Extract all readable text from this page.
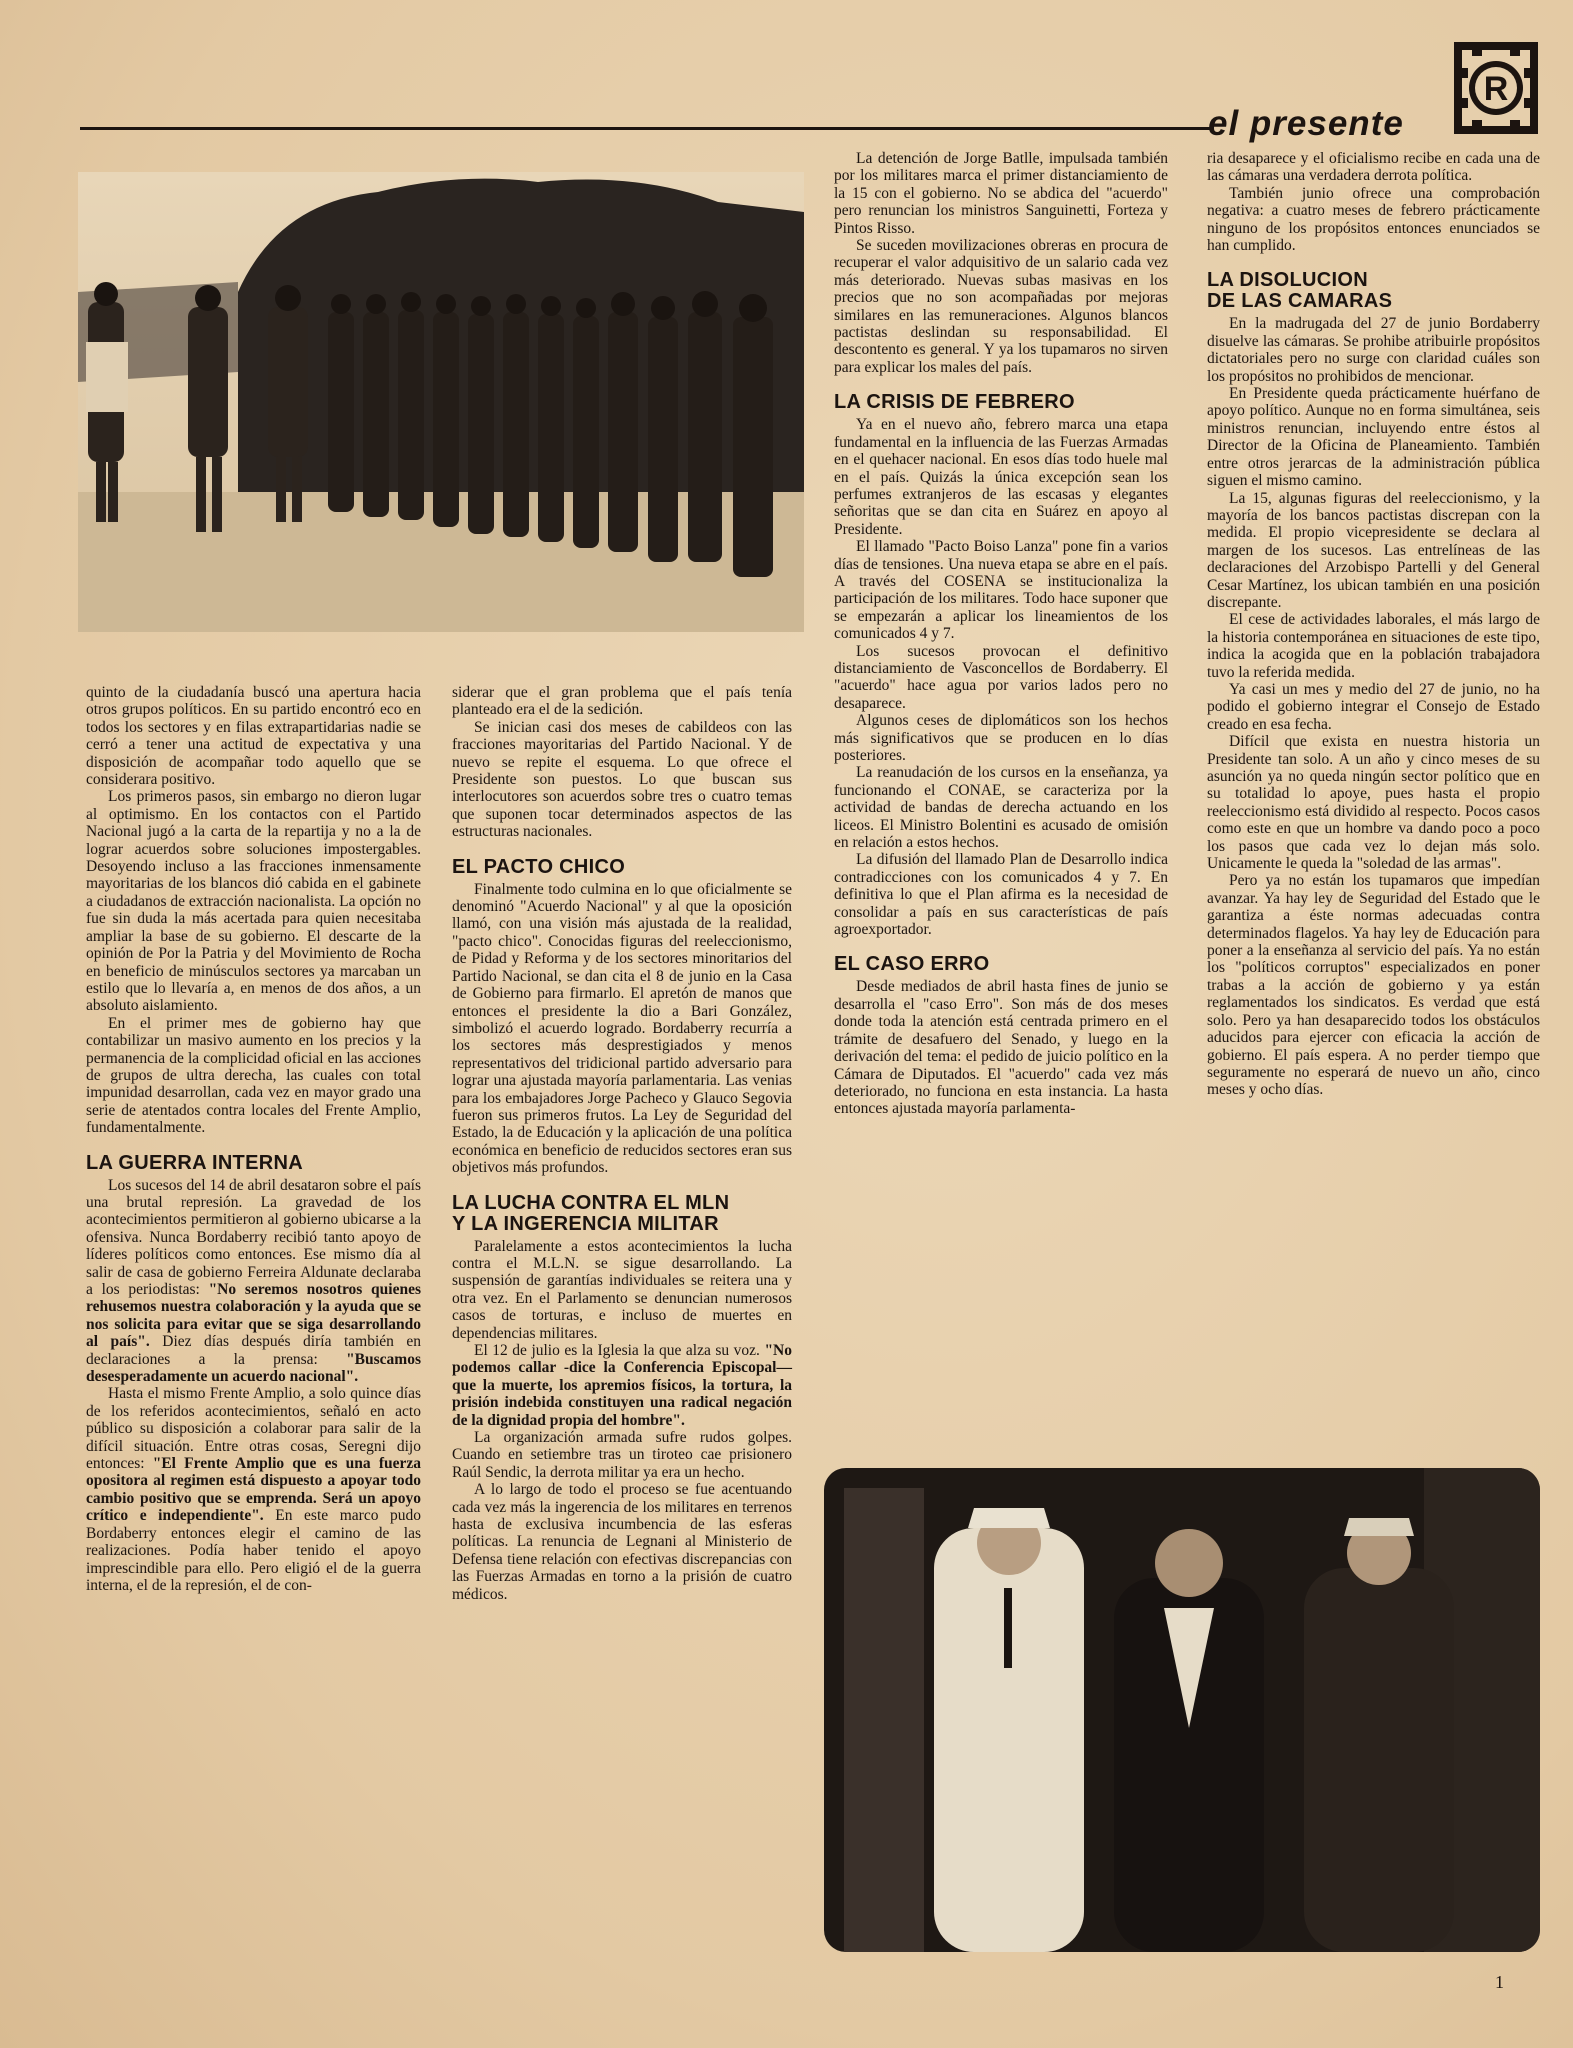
el presente
R

quinto de la ciudadanía buscó una apertura hacia otros grupos políticos. En su partido encontró eco en todos los sectores y en filas extrapartidarias nadie se cerró a tener una actitud de expectativa y una disposición de acompañar todo aquello que se considerara positivo.

Los primeros pasos, sin embargo no dieron lugar al optimismo. En los contactos con el Partido Nacional jugó a la carta de la repartija y no a la de lograr acuerdos sobre soluciones impostergables. Desoyendo incluso a las fracciones inmensamente mayoritarias de los blancos dió cabida en el gabinete a ciudadanos de extracción nacionalista. La opción no fue sin duda la más acertada para quien necesitaba ampliar la base de su gobierno. El descarte de la opinión de Por la Patria y del Movimiento de Rocha en beneficio de minúsculos sectores ya marcaban un estilo que lo llevaría a, en menos de dos años, a un absoluto aislamiento.

En el primer mes de gobierno hay que contabilizar un masivo aumento en los precios y la permanencia de la complicidad oficial en las acciones de grupos de ultra derecha, las cuales con total impunidad desarrollan, cada vez en mayor grado una serie de atentados contra locales del Frente Amplio, fundamentalmente.

LA GUERRA INTERNA

Los sucesos del 14 de abril desataron sobre el país una brutal represión. La gravedad de los acontecimientos permitieron al gobierno ubicarse a la ofensiva. Nunca Bordaberry recibió tanto apoyo de líderes políticos como entonces. Ese mismo día al salir de casa de gobierno Ferreira Aldunate declaraba a los periodistas: "No seremos nosotros quienes rehusemos nuestra colaboración y la ayuda que se nos solicita para evitar que se siga desarrollando al país". Diez días después diría también en declaraciones a la prensa: "Buscamos desesperadamente un acuerdo nacional".

Hasta el mismo Frente Amplio, a solo quince días de los referidos acontecimientos, señaló en acto público su disposición a colaborar para salir de la difícil situación. Entre otras cosas, Seregni dijo entonces: "El Frente Amplio que es una fuerza opositora al regimen está dispuesto a apoyar todo cambio positivo que se emprenda. Será un apoyo crítico e independiente". En este marco pudo Bordaberry entonces elegir el camino de las realizaciones. Podía haber tenido el apoyo imprescindible para ello. Pero eligió el de la guerra interna, el de la represión, el de con-

siderar que el gran problema que el país tenía planteado era el de la sedición.

Se inician casi dos meses de cabildeos con las fracciones mayoritarias del Partido Nacional. Y de nuevo se repite el esquema. Lo que ofrece el Presidente son puestos. Lo que buscan sus interlocutores son acuerdos sobre tres o cuatro temas que suponen tocar determinados aspectos de las estructuras nacionales.

EL PACTO CHICO

Finalmente todo culmina en lo que oficialmente se denominó "Acuerdo Nacional" y al que la oposición llamó, con una visión más ajustada de la realidad, "pacto chico". Conocidas figuras del reeleccionismo, de Pidad y Reforma y de los sectores minoritarios del Partido Nacional, se dan cita el 8 de junio en la Casa de Gobierno para firmarlo. El apretón de manos que entonces el presidente la dio a Bari González, simbolizó el acuerdo logrado. Bordaberry recurría a los sectores más desprestigiados y menos representativos del tridicional partido adversario para lograr una ajustada mayoría parlamentaria. Las venias para los embajadores Jorge Pacheco y Glauco Segovia fueron sus primeros frutos. La Ley de Seguridad del Estado, la de Educación y la aplicación de una política económica en beneficio de reducidos sectores eran sus objetivos más profundos.

LA LUCHA CONTRA EL MLN
Y LA INGERENCIA MILITAR

Paralelamente a estos acontecimientos la lucha contra el M.L.N. se sigue desarrollando. La suspensión de garantías individuales se reitera una y otra vez. En el Parlamento se denuncian numerosos casos de torturas, e incluso de muertes en dependencias militares.

El 12 de julio es la Iglesia la que alza su voz. "No podemos callar -dice la Conferencia Episcopal— que la muerte, los apremios físicos, la tortura, la prisión indebida constituyen una radical negación de la dignidad propia del hombre".

La organización armada sufre rudos golpes. Cuando en setiembre tras un tiroteo cae prisionero Raúl Sendic, la derrota militar ya era un hecho.

A lo largo de todo el proceso se fue acentuando cada vez más la ingerencia de los militares en terrenos hasta de exclusiva incumbencia de las esferas políticas. La renuncia de Legnani al Ministerio de Defensa tiene relación con efectivas discrepancias con las Fuerzas Armadas en torno a la prisión de cuatro médicos.

La detención de Jorge Batlle, impulsada también por los militares marca el primer distanciamiento de la 15 con el gobierno. No se abdica del "acuerdo" pero renuncian los ministros Sanguinetti, Forteza y Pintos Risso.

Se suceden movilizaciones obreras en procura de recuperar el valor adquisitivo de un salario cada vez más deteriorado. Nuevas subas masivas en los precios que no son acompañadas por mejoras similares en las remuneraciones. Algunos blancos pactistas deslindan su responsabilidad. El descontento es general. Y ya los tupamaros no sirven para explicar los males del país.

LA CRISIS DE FEBRERO

Ya en el nuevo año, febrero marca una etapa fundamental en la influencia de las Fuerzas Armadas en el quehacer nacional. En esos días todo huele mal en el país. Quizás la única excepción sean los perfumes extranjeros de las escasas y elegantes señoritas que se dan cita en Suárez en apoyo al Presidente.

El llamado "Pacto Boiso Lanza" pone fin a varios días de tensiones. Una nueva etapa se abre en el país. A través del COSENA se institucionaliza la participación de los militares. Todo hace suponer que se empezarán a aplicar los lineamientos de los comunicados 4 y 7.

Los sucesos provocan el definitivo distanciamiento de Vasconcellos de Bordaberry. El "acuerdo" hace agua por varios lados pero no desaparece.

Algunos ceses de diplomáticos son los hechos más significativos que se producen en lo días posteriores.

La reanudación de los cursos en la enseñanza, ya funcionando el CONAE, se caracteriza por la actividad de bandas de derecha actuando en los liceos. El Ministro Bolentini es acusado de omisión en relación a estos hechos.

La difusión del llamado Plan de Desarrollo indica contradicciones con los comunicados 4 y 7. En definitiva lo que el Plan afirma es la necesidad de consolidar a país en sus características de país agroexportador.

EL CASO ERRO

Desde mediados de abril hasta fines de junio se desarrolla el "caso Erro". Son más de dos meses donde toda la atención está centrada primero en el trámite de desafuero del Senado, y luego en la derivación del tema: el pedido de juicio político en la Cámara de Diputados. El "acuerdo" cada vez más deteriorado, no funciona en esta instancia. La hasta entonces ajustada mayoría parlamenta-

ria desaparece y el oficialismo recibe en cada una de las cámaras una verdadera derrota política.

También junio ofrece una comprobación negativa: a cuatro meses de febrero prácticamente ninguno de los propósitos entonces enunciados se han cumplido.

LA DISOLUCION
DE LAS CAMARAS

En la madrugada del 27 de junio Bordaberry disuelve las cámaras. Se prohibe atribuirle propósitos dictatoriales pero no surge con claridad cuáles son los propósitos no prohibidos de mencionar.

En Presidente queda prácticamente huérfano de apoyo político. Aunque no en forma simultánea, seis ministros renuncian, incluyendo entre éstos al Director de la Oficina de Planeamiento. También entre otros jerarcas de la administración pública siguen el mismo camino.

La 15, algunas figuras del reeleccionismo, y la mayoría de los bancos pactistas discrepan con la medida. El propio vicepresidente se declara al margen de los sucesos. Las entrelíneas de las declaraciones del Arzobispo Partelli y del General Cesar Martínez, los ubican también en una posición discrepante.

El cese de actividades laborales, el más largo de la historia contemporánea en situaciones de este tipo, indica la acogida que en la población trabajadora tuvo la referida medida.

Ya casi un mes y medio del 27 de junio, no ha podido el gobierno integrar el Consejo de Estado creado en esa fecha.

Difícil que exista en nuestra historia un Presidente tan solo. A un año y cinco meses de su asunción ya no queda ningún sector político que en su totalidad lo apoye, pues hasta el propio reeleccionismo está dividido al respecto. Pocos casos como este en que un hombre va dando poco a poco los pasos que cada vez lo dejan más solo. Unicamente le queda la "soledad de las armas".

Pero ya no están los tupamaros que impedían avanzar. Ya hay ley de Seguridad del Estado que le garantiza a éste normas adecuadas contra determinados flagelos. Ya hay ley de Educación para poner a la enseñanza al servicio del país. Ya no están los "políticos corruptos" especializados en poner trabas a la acción de gobierno y ya están reglamentados los sindicatos. Es verdad que está solo. Pero ya han desaparecido todos los obstáculos aducidos para ejercer con eficacia la acción de gobierno. El país espera. A no perder tiempo que seguramente no esperará de nuevo un año, cinco meses y ocho días.

1
